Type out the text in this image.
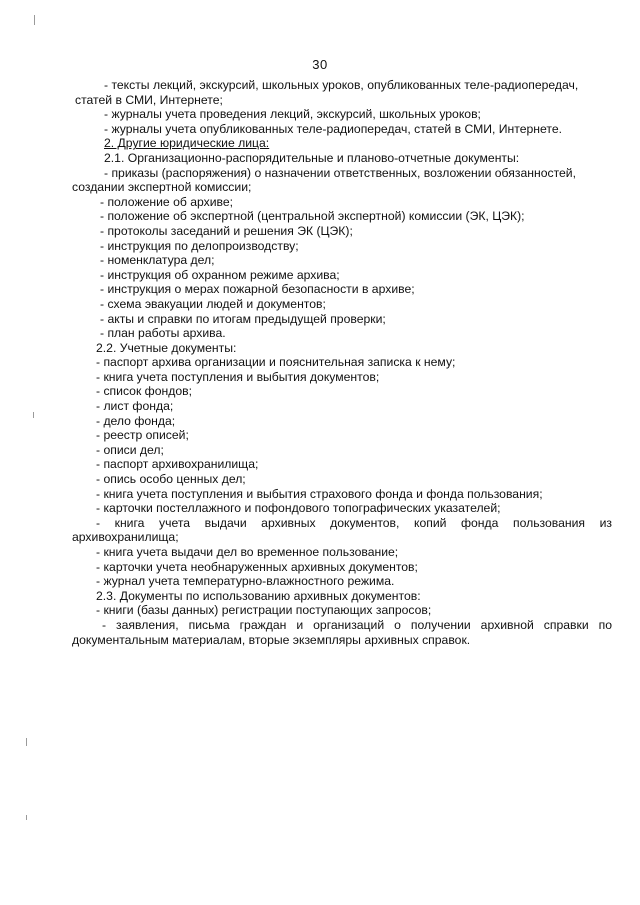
30
- тексты лекций, экскурсий, школьных уроков, опубликованных теле-радиопередач,
статей в СМИ, Интернете;
- журналы учета проведения лекций, экскурсий, школьных уроков;
- журналы учета опубликованных теле-радиопередач, статей в СМИ, Интернете.
2. Другие юридические лица:
2.1. Организационно-распорядительные и планово-отчетные документы:
- приказы (распоряжения) о назначении ответственных, возложении обязанностей,
создании экспертной комиссии;
- положение об архиве;
- положение об экспертной (центральной экспертной) комиссии (ЭК, ЦЭК);
- протоколы заседаний и решения ЭК (ЦЭК);
- инструкция по делопроизводству;
- номенклатура дел;
- инструкция об охранном режиме архива;
- инструкция о мерах пожарной безопасности в архиве;
- схема эвакуации людей и документов;
- акты и справки по итогам предыдущей проверки;
- план работы архива.
2.2. Учетные документы:
- паспорт архива организации и пояснительная записка к нему;
- книга учета поступления и выбытия документов;
- список фондов;
- лист фонда;
- дело фонда;
- реестр описей;
- описи дел;
- паспорт архивохранилища;
- опись особо ценных дел;
- книга учета поступления и выбытия страхового фонда и фонда пользования;
- карточки постеллажного и пофондового топографических указателей;
- книга учета выдачи архивных документов, копий фонда пользования из
архивохранилища;
- книга учета выдачи дел во временное пользование;
- карточки учета необнаруженных архивных документов;
- журнал учета температурно-влажностного режима.
2.3. Документы по использованию архивных документов:
- книги (базы данных) регистрации поступающих запросов;
- заявления, письма граждан и организаций о получении архивной справки по
документальным материалам, вторые экземпляры архивных справок.
